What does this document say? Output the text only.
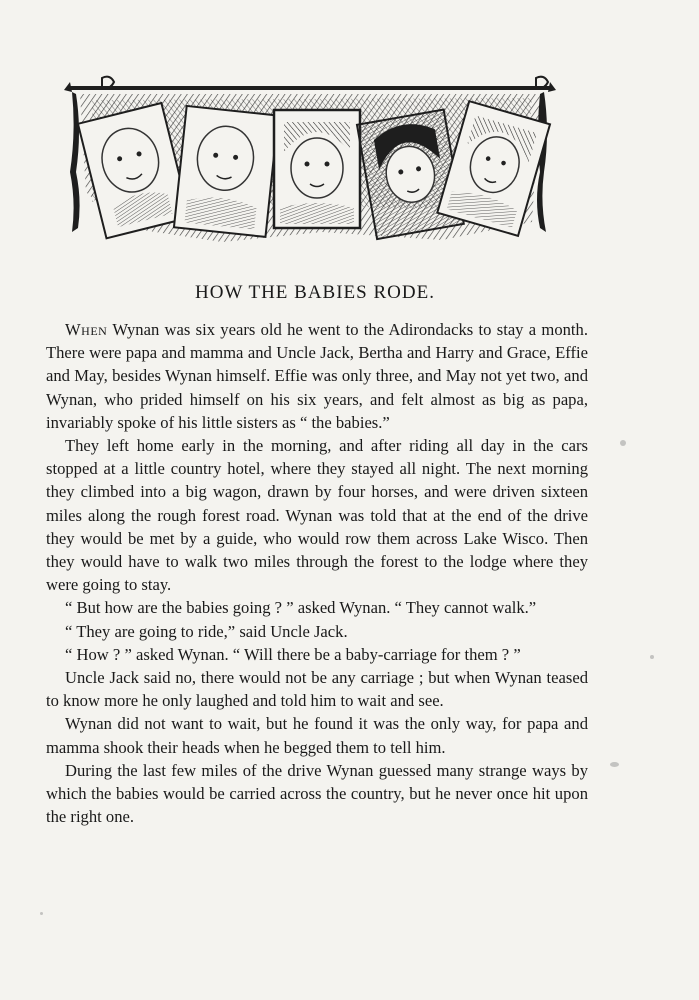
HOW THE BABIES RODE.

When Wynan was six years old he went to the Adirondacks to stay a month. There were papa and mamma and Uncle Jack, Bertha and Harry and Grace, Effie and May, besides Wynan himself. Effie was only three, and May not yet two, and Wynan, who prided himself on his six years, and felt almost as big as papa, invariably spoke of his little sisters as “ the babies.”

They left home early in the morning, and after riding all day in the cars stopped at a little country hotel, where they stayed all night. The next morning they climbed into a big wagon, drawn by four horses, and were driven sixteen miles along the rough forest road. Wynan was told that at the end of the drive they would be met by a guide, who would row them across Lake Wisco. Then they would have to walk two miles through the forest to the lodge where they were going to stay.

“ But how are the babies going ? ” asked Wynan. “ They cannot walk.”

“ They are going to ride,” said Uncle Jack.

“ How ? ” asked Wynan. “ Will there be a baby-carriage for them ? ”

Uncle Jack said no, there would not be any carriage ; but when Wynan teased to know more he only laughed and told him to wait and see.

Wynan did not want to wait, but he found it was the only way, for papa and mamma shook their heads when he begged them to tell him.

During the last few miles of the drive Wynan guessed many strange ways by which the babies would be carried across the country, but he never once hit upon the right one.
